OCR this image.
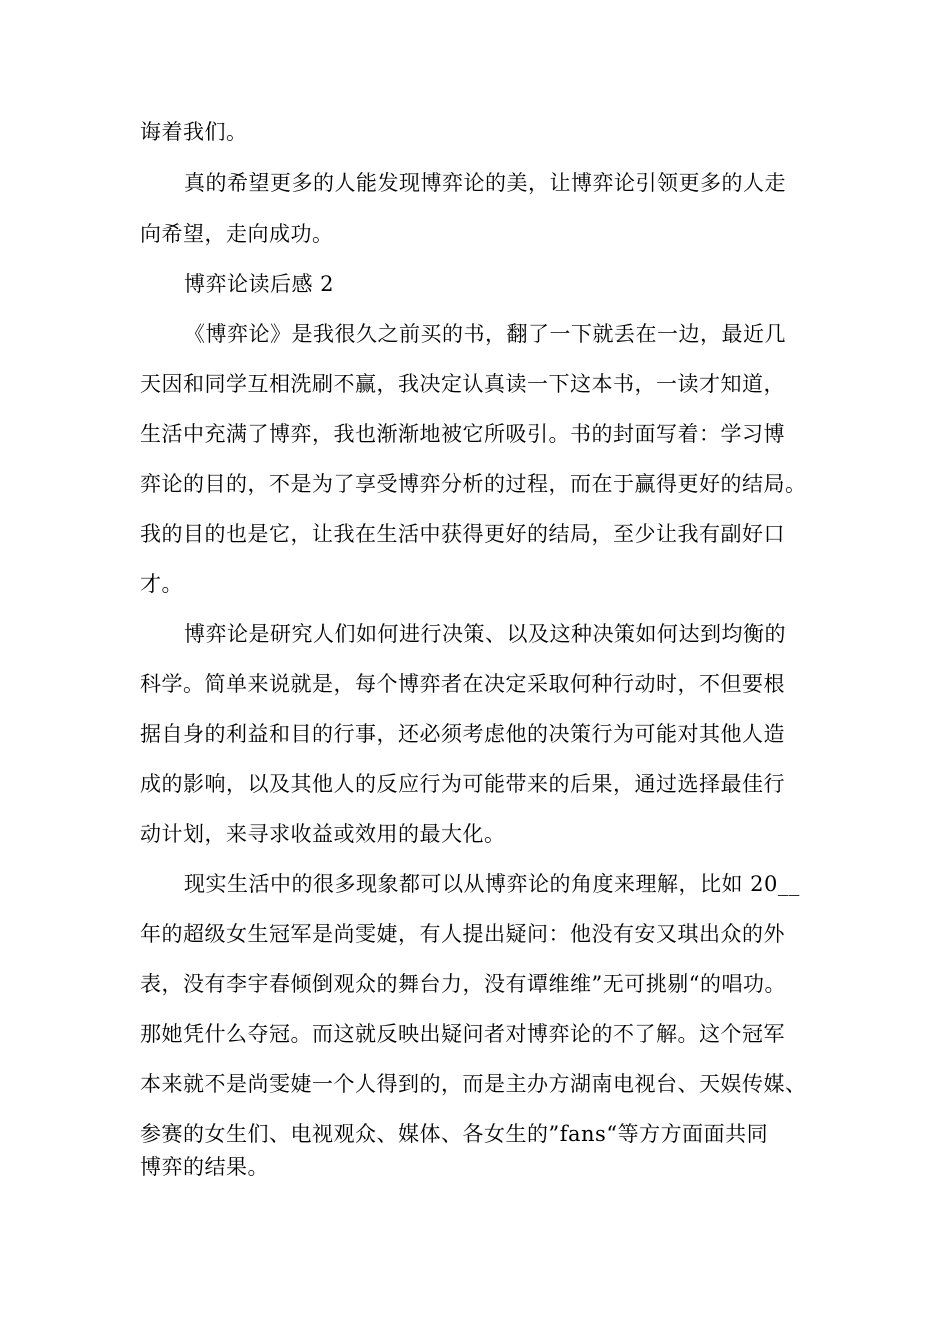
诲着我们。
真的希望更多的人能发现博弈论的美，让博弈论引领更多的人走
向希望，走向成功。
博弈论读后感 2
《博弈论》是我很久之前买的书，翻了一下就丢在一边，最近几
天因和同学互相洗刷不赢，我决定认真读一下这本书，一读才知道，
生活中充满了博弈，我也渐渐地被它所吸引。书的封面写着：学习博
弈论的目的，不是为了享受博弈分析的过程，而在于赢得更好的结局。
我的目的也是它，让我在生活中获得更好的结局，至少让我有副好口
才。
博弈论是研究人们如何进行决策、以及这种决策如何达到均衡的
科学。简单来说就是，每个博弈者在决定采取何种行动时，不但要根
据自身的利益和目的行事，还必须考虑他的决策行为可能对其他人造
成的影响，以及其他人的反应行为可能带来的后果，通过选择最佳行
动计划，来寻求收益或效用的最大化。
现实生活中的很多现象都可以从博弈论的角度来理解，比如 20__
年的超级女生冠军是尚雯婕，有人提出疑问：他没有安又琪出众的外
表，没有李宇春倾倒观众的舞台力，没有谭维维”无可挑剔“的唱功。
那她凭什么夺冠。而这就反映出疑问者对博弈论的不了解。这个冠军
本来就不是尚雯婕一个人得到的，而是主办方湖南电视台、天娱传媒、
参赛的女生们、电视观众、媒体、各女生的”fans“等方方面面共同
博弈的结果。
